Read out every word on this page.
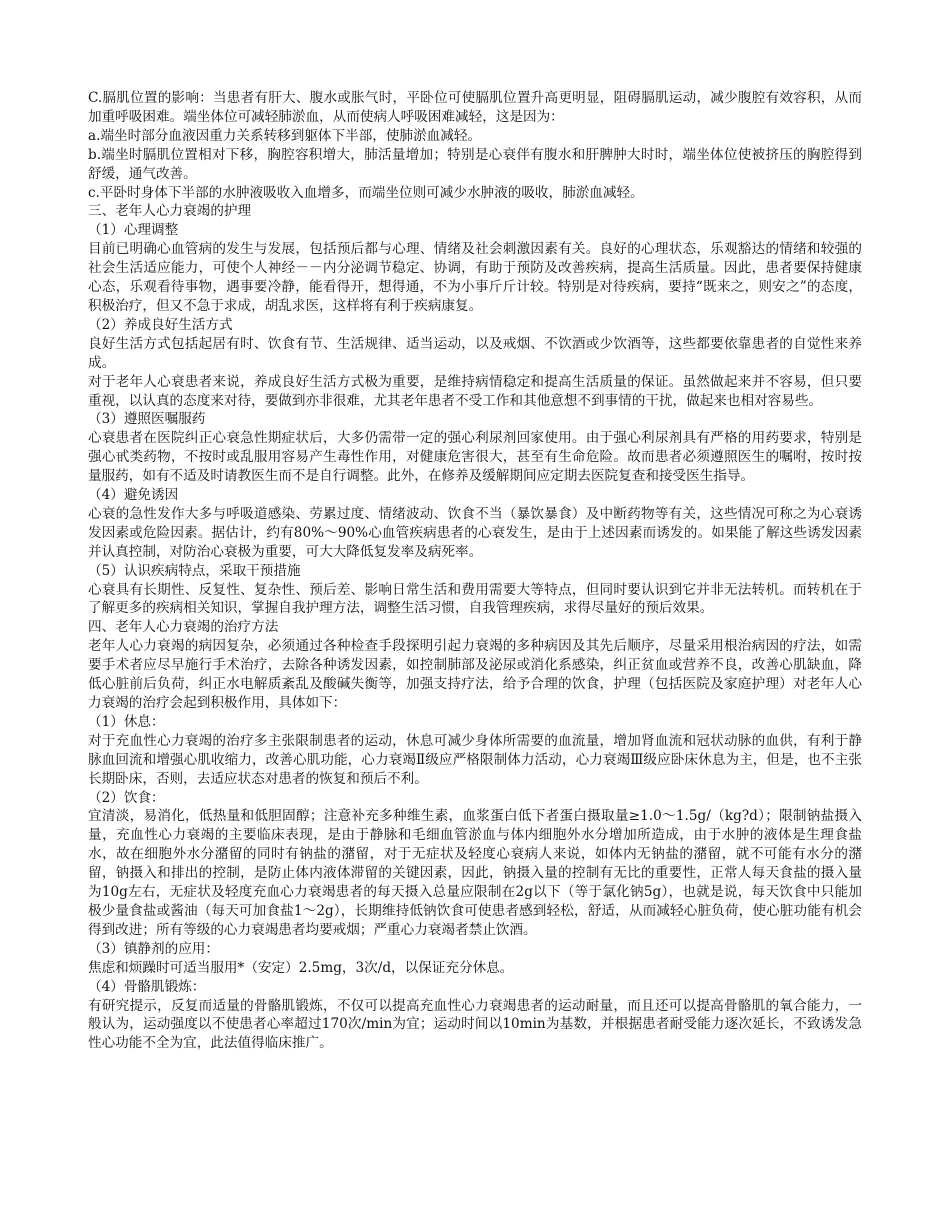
C.膈肌位置的影响：当患者有肝大、腹水或胀气时，平卧位可使膈肌位置升高更明显，阻碍膈肌运动，减少腹腔有效容积，从而加重呼吸困难。端坐体位可减轻肺淤血，从而使病人呼吸困难减轻，这是因为：

a.端坐时部分血液因重力关系转移到躯体下半部，使肺淤血减轻。

b.端坐时膈肌位置相对下移，胸腔容积增大，肺活量增加；特别是心衰伴有腹水和肝脾肿大时时，端坐体位使被挤压的胸腔得到舒缓，通气改善。

c.平卧时身体下半部的水肿液吸收入血增多，而端坐位则可减少水肿液的吸收，肺淤血减轻。

三、老年人心力衰竭的护理

（1）心理调整

目前已明确心血管病的发生与发展，包括预后都与心理、情绪及社会刺激因素有关。良好的心理状态，乐观豁达的情绪和较强的社会生活适应能力，可使个人神经－－内分泌调节稳定、协调，有助于预防及改善疾病，提高生活质量。因此，患者要保持健康心态，乐观看待事物，遇事要冷静，能看得开，想得通，不为小事斤斤计较。特别是对待疾病，要持“既来之，则安之”的态度，积极治疗，但又不急于求成，胡乱求医，这样将有利于疾病康复。

（2）养成良好生活方式

良好生活方式包括起居有时、饮食有节、生活规律、适当运动，以及戒烟、不饮酒或少饮酒等，这些都要依靠患者的自觉性来养成。

对于老年人心衰患者来说，养成良好生活方式极为重要，是维持病情稳定和提高生活质量的保证。虽然做起来并不容易，但只要重视，以认真的态度来对待，要做到亦非很难，尤其老年患者不受工作和其他意想不到事情的干扰，做起来也相对容易些。

（3）遵照医嘱服药

心衰患者在医院纠正心衰急性期症状后，大多仍需带一定的强心利尿剂回家使用。由于强心利尿剂具有严格的用药要求，特别是强心甙类药物，不按时或乱服用容易产生毒性作用，对健康危害很大，甚至有生命危险。故而患者必须遵照医生的嘱咐，按时按量服药，如有不适及时请教医生而不是自行调整。此外，在修养及缓解期间应定期去医院复查和接受医生指导。

（4）避免诱因

心衰的急性发作大多与呼吸道感染、劳累过度、情绪波动、饮食不当（暴饮暴食）及中断药物等有关，这些情况可称之为心衰诱发因素或危险因素。据估计，约有80%～90%心血管疾病患者的心衰发生，是由于上述因素而诱发的。如果能了解这些诱发因素并认真控制，对防治心衰极为重要，可大大降低复发率及病死率。

（5）认识疾病特点，采取干预措施

心衰具有长期性、反复性、复杂性、预后差、影响日常生活和费用需要大等特点，但同时要认识到它并非无法转机。而转机在于了解更多的疾病相关知识，掌握自我护理方法，调整生活习惯，自我管理疾病，求得尽量好的预后效果。

四、老年人心力衰竭的治疗方法

老年人心力衰竭的病因复杂，必须通过各种检查手段探明引起力衰竭的多种病因及其先后顺序，尽量采用根治病因的疗法，如需要手术者应尽早施行手术治疗，去除各种诱发因素，如控制肺部及泌尿或消化系感染，纠正贫血或营养不良，改善心肌缺血，降低心脏前后负荷，纠正水电解质紊乱及酸碱失衡等，加强支持疗法，给予合理的饮食，护理（包括医院及家庭护理）对老年人心力衰竭的治疗会起到积极作用，具体如下：

（1）休息：

对于充血性心力衰竭的治疗多主张限制患者的运动，休息可减少身体所需要的血流量，增加肾血流和冠状动脉的血供，有利于静脉血回流和增强心肌收缩力，改善心肌功能，心力衰竭Ⅱ级应严格限制体力活动，心力衰竭Ⅲ级应卧床休息为主，但是，也不主张长期卧床，否则，去适应状态对患者的恢复和预后不利。

（2）饮食：

宜清淡，易消化，低热量和低胆固醇；注意补充多种维生素，血浆蛋白低下者蛋白摄取量≥1.0～1.5g/（kg?d）；限制钠盐摄入量，充血性心力衰竭的主要临床表现，是由于静脉和毛细血管淤血与体内细胞外水分增加所造成，由于水肿的液体是生理食盐水，故在细胞外水分潴留的同时有钠盐的潴留，对于无症状及轻度心衰病人来说，如体内无钠盐的潴留，就不可能有水分的潴留，钠摄入和排出的控制，是防止体内液体滞留的关键因素，因此，钠摄入量的控制有无比的重要性，正常人每天食盐的摄入量为10g左右，无症状及轻度充血心力衰竭患者的每天摄入总量应限制在2g以下（等于氯化钠5g），也就是说，每天饮食中只能加极少量食盐或酱油（每天可加食盐1～2g），长期维持低钠饮食可使患者感到轻松，舒适，从而减轻心脏负荷，使心脏功能有机会得到改进；所有等级的心力衰竭患者均要戒烟；严重心力衰竭者禁止饮酒。

（3）镇静剂的应用：

焦虑和烦躁时可适当服用*（安定）2.5mg，3次/d，以保证充分休息。

（4）骨骼肌锻炼：

有研究提示，反复而适量的骨骼肌锻炼，不仅可以提高充血性心力衰竭患者的运动耐量，而且还可以提高骨骼肌的氧合能力，一般认为，运动强度以不使患者心率超过170次/min为宜；运动时间以10min为基数，并根据患者耐受能力逐次延长，不致诱发急性心功能不全为宜，此法值得临床推广。
